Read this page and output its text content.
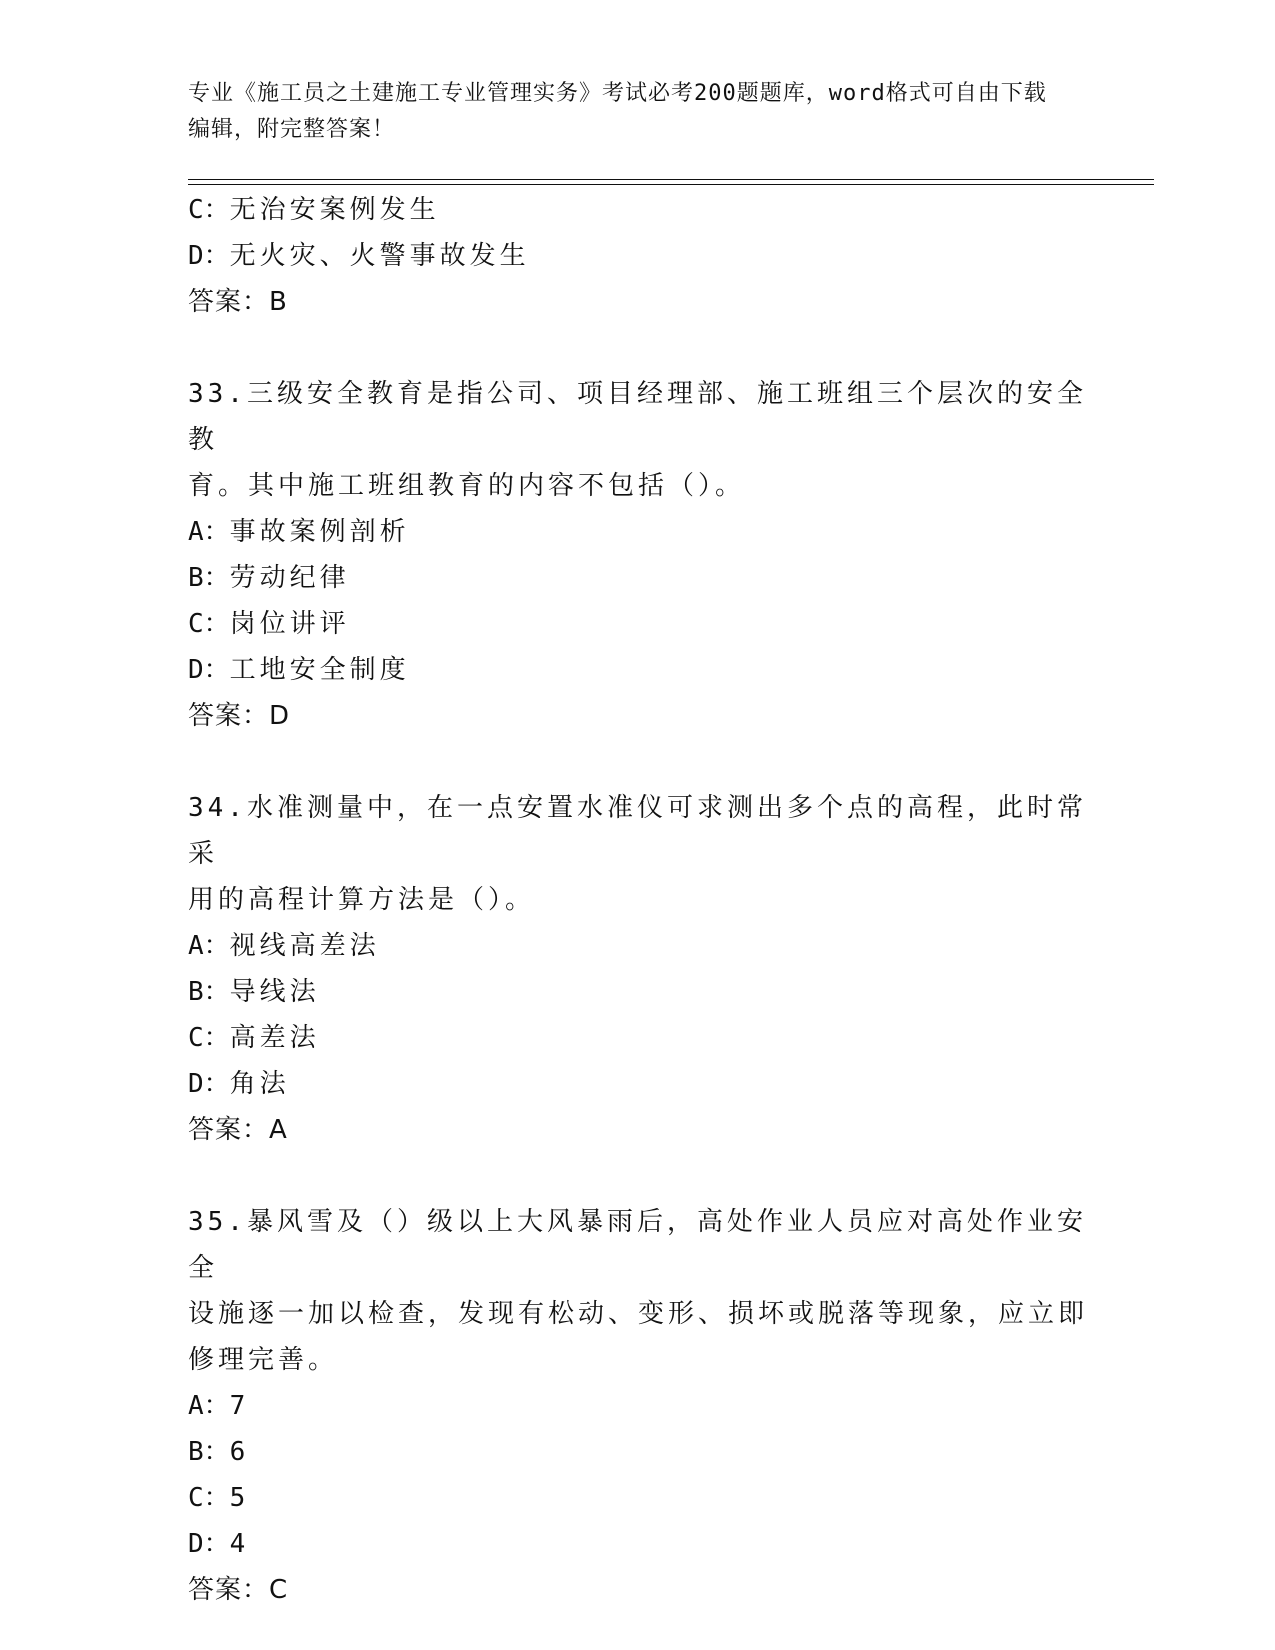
专业《施工员之土建施工专业管理实务》考试必考200题题库，word格式可自由下载编辑，附完整答案！
C：无治安案例发生
D：无火灾、火警事故发生
答案：B
33.三级安全教育是指公司、项目经理部、施工班组三个层次的安全教
育。其中施工班组教育的内容不包括（）。
A：事故案例剖析
B：劳动纪律
C：岗位讲评
D：工地安全制度
答案：D
34.水准测量中，在一点安置水准仪可求测出多个点的高程，此时常采
用的高程计算方法是（）。
A：视线高差法
B：导线法
C：高差法
D：角法
答案：A
35.暴风雪及（）级以上大风暴雨后，高处作业人员应对高处作业安全
设施逐一加以检查，发现有松动、变形、损坏或脱落等现象，应立即
修理完善。
A：7
B：6
C：5
D：4
答案：C
